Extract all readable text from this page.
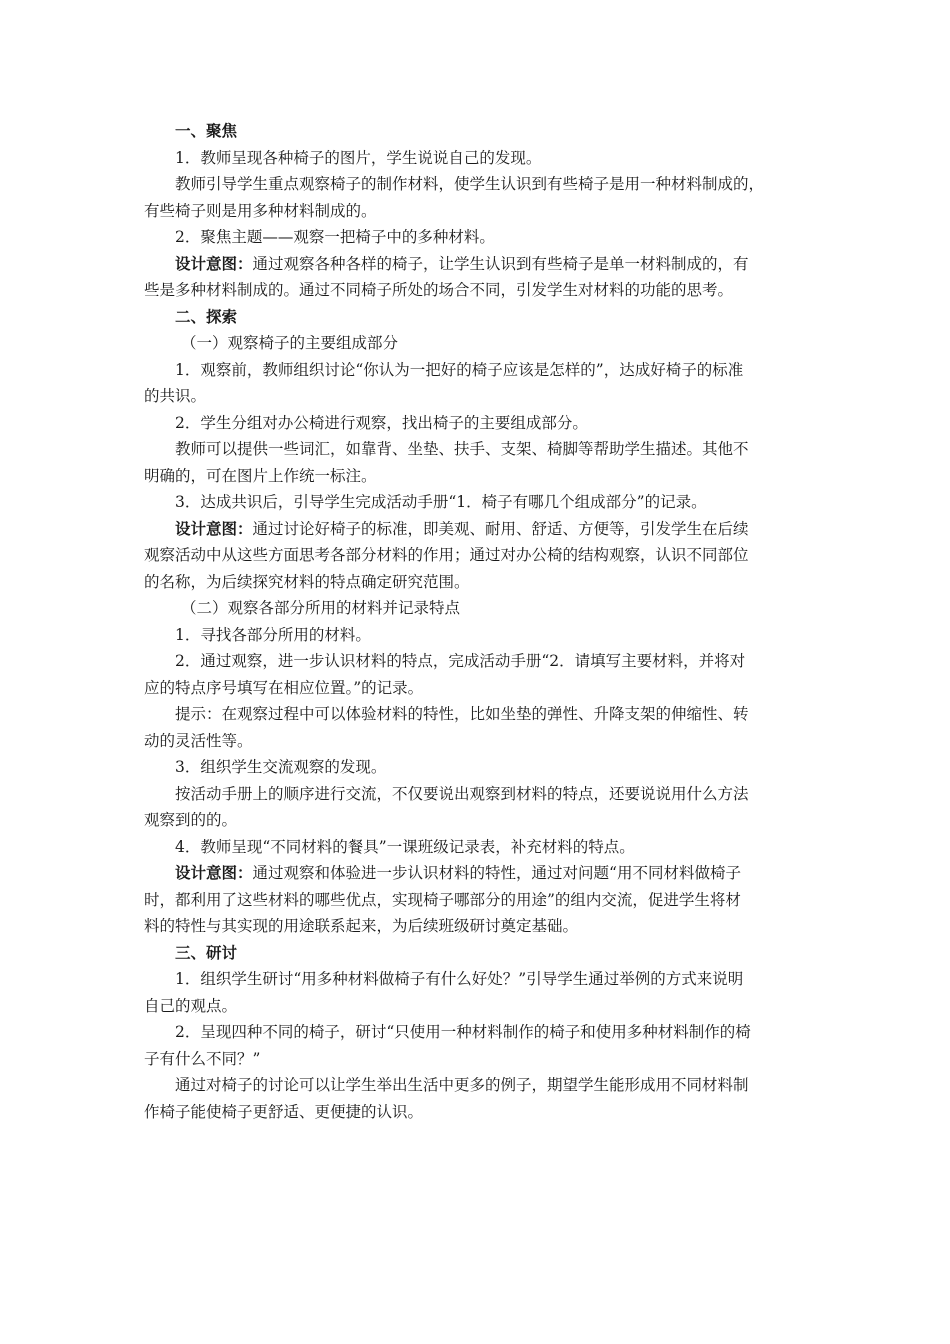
一、聚焦
1．教师呈现各种椅子的图片，学生说说自己的发现。
教师引导学生重点观察椅子的制作材料，使学生认识到有些椅子是用一种材料制成的，
有些椅子则是用多种材料制成的。
2．聚焦主题——观察一把椅子中的多种材料。
设计意图：通过观察各种各样的椅子，让学生认识到有些椅子是单一材料制成的，有
些是多种材料制成的。通过不同椅子所处的场合不同，引发学生对材料的功能的思考。
二、探索
（一）观察椅子的主要组成部分
1．观察前，教师组织讨论“你认为一把好的椅子应该是怎样的”，达成好椅子的标准
的共识。
2．学生分组对办公椅进行观察，找出椅子的主要组成部分。
教师可以提供一些词汇，如靠背、坐垫、扶手、支架、椅脚等帮助学生描述。其他不
明确的，可在图片上作统一标注。
3．达成共识后，引导学生完成活动手册“1．椅子有哪几个组成部分”的记录。
设计意图：通过讨论好椅子的标准，即美观、耐用、舒适、方便等，引发学生在后续
观察活动中从这些方面思考各部分材料的作用；通过对办公椅的结构观察，认识不同部位
的名称，为后续探究材料的特点确定研究范围。
（二）观察各部分所用的材料并记录特点
1．寻找各部分所用的材料。
2．通过观察，进一步认识材料的特点，完成活动手册“2．请填写主要材料，并将对
应的特点序号填写在相应位置。”的记录。
提示：在观察过程中可以体验材料的特性，比如坐垫的弹性、升降支架的伸缩性、转
动的灵活性等。
3．组织学生交流观察的发现。
按活动手册上的顺序进行交流，不仅要说出观察到材料的特点，还要说说用什么方法
观察到的的。
4．教师呈现“不同材料的餐具”一课班级记录表，补充材料的特点。
设计意图：通过观察和体验进一步认识材料的特性，通过对问题“用不同材料做椅子
时，都利用了这些材料的哪些优点，实现椅子哪部分的用途”的组内交流，促进学生将材
料的特性与其实现的用途联系起来，为后续班级研讨奠定基础。
三、研讨
1．组织学生研讨“用多种材料做椅子有什么好处？”引导学生通过举例的方式来说明
自己的观点。
2．呈现四种不同的椅子，研讨“只使用一种材料制作的椅子和使用多种材料制作的椅
子有什么不同？”
通过对椅子的讨论可以让学生举出生活中更多的例子，期望学生能形成用不同材料制
作椅子能使椅子更舒适、更便捷的认识。
